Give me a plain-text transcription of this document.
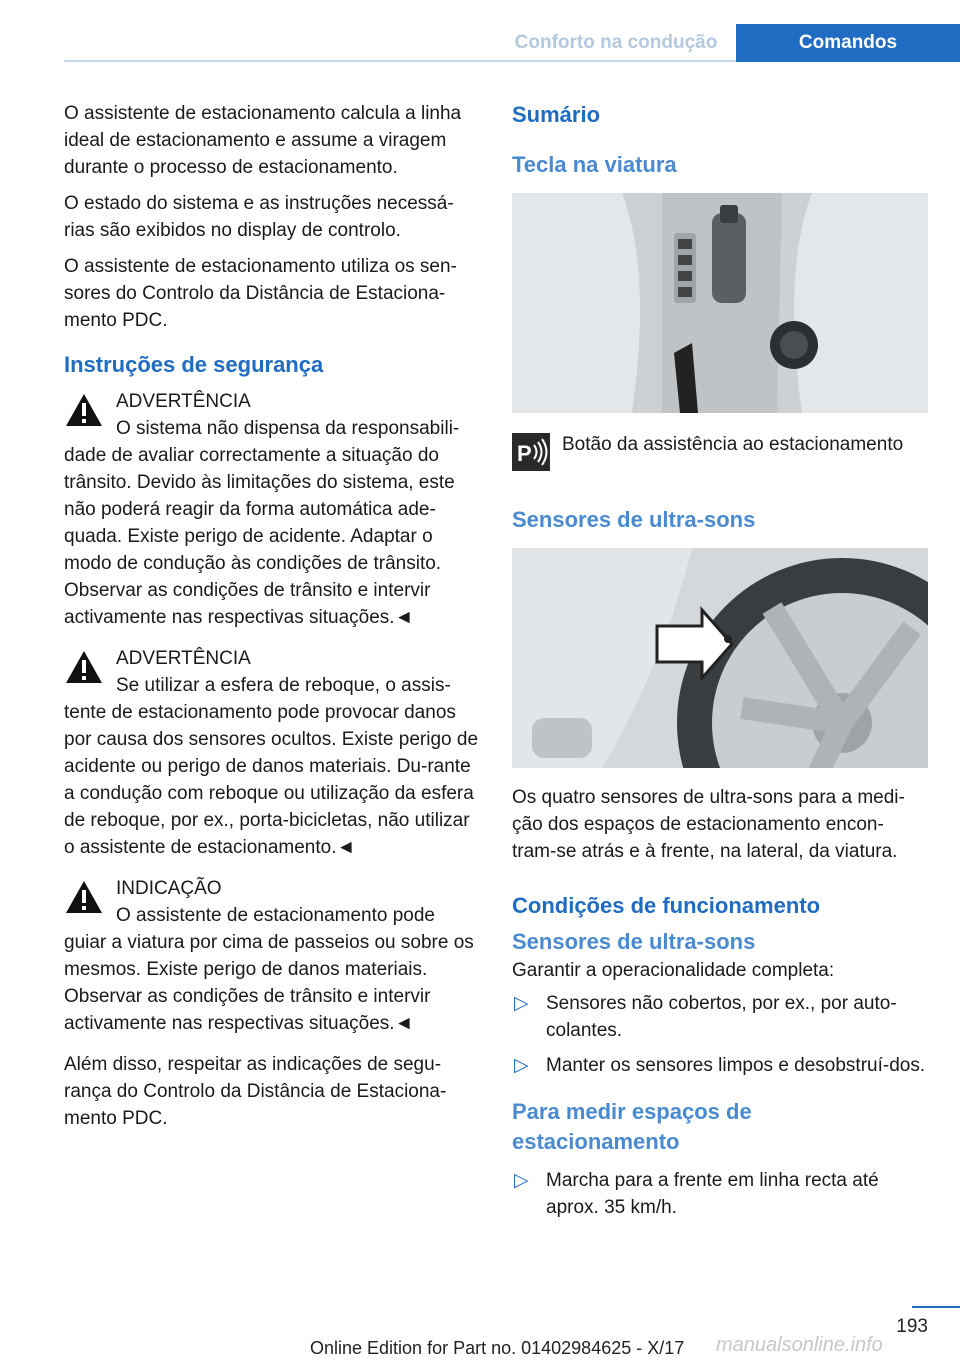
Conforto na condução	Comandos

O assistente de estacionamento calcula a linha ideal de estacionamento e assume a viragem durante o processo de estacionamento.

O estado do sistema e as instruções necessá-rias são exibidos no display de controlo.

O assistente de estacionamento utiliza os sen-sores do Controlo da Distância de Estaciona-mento PDC.

Instruções de segurança
ADVERTÊNCIA
O sistema não dispensa da responsabili-dade de avaliar correctamente a situação do trânsito. Devido às limitações do sistema, este não poderá reagir da forma automática ade-quada. Existe perigo de acidente. Adaptar o modo de condução às condições de trânsito. Observar as condições de trânsito e intervir activamente nas respectivas situações.◄
ADVERTÊNCIA
Se utilizar a esfera de reboque, o assis-tente de estacionamento pode provocar danos por causa dos sensores ocultos. Existe perigo de acidente ou perigo de danos materiais. Du-rante a condução com reboque ou utilização da esfera de reboque, por ex., porta-bicicletas, não utilizar o assistente de estacionamento.◄
INDICAÇÃO
O assistente de estacionamento pode guiar a viatura por cima de passeios ou sobre os mesmos. Existe perigo de danos materiais. Observar as condições de trânsito e intervir activamente nas respectivas situações.◄

Além disso, respeitar as indicações de segu-rança do Controlo da Distância de Estaciona-mento PDC.

Sumário
Tecla na viatura
P Botão da assistência ao estacionamento
Sensores de ultra-sons

Os quatro sensores de ultra-sons para a medi-ção dos espaços de estacionamento encon-tram-se atrás e à frente, na lateral, da viatura.

Condições de funcionamento
Sensores de ultra-sons

Garantir a operacionalidade completa:

▷ Sensores não cobertos, por ex., por auto-colantes.
▷ Manter os sensores limpos e desobstruí-dos.
Para medir espaços de estacionamento
▷ Marcha para a frente em linha recta até aprox. 35 km/h.
193
Online Edition for Part no. 01402984625 - X/17 manualsonline.info
